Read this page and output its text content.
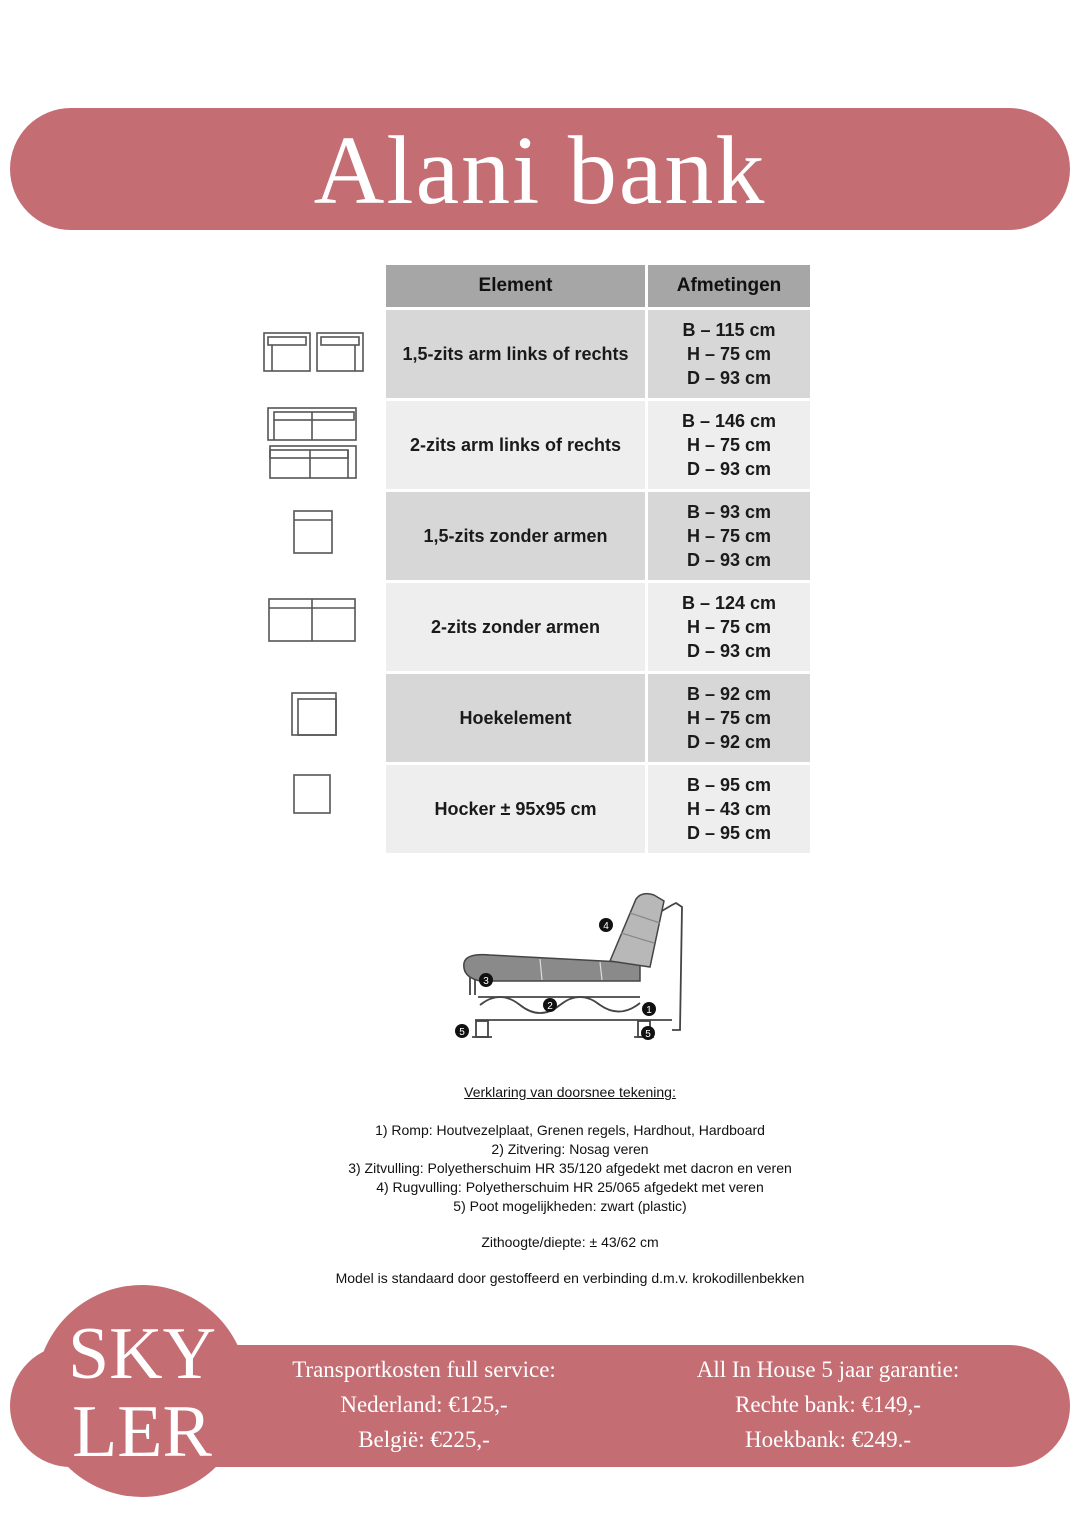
Alani bank
Element	Afmetingen
1,5-zits arm links of rechts	B – 115 cm
H – 75 cm
D – 93 cm

2-zits arm links of rechts	B – 146 cm
H – 75 cm
D – 93 cm

1,5-zits zonder armen	B – 93 cm
H – 75 cm
D – 93 cm

2-zits zonder armen	B – 124 cm
H – 75 cm
D – 93 cm

Hoekelement	B – 92 cm
H – 75 cm
D – 92 cm

Hocker ± 95x95 cm	B – 95 cm
H – 43 cm
D – 95 cm
1
2
3
4
5	5
Verklaring van doorsnee tekening:
1) Romp: Houtvezelplaat, Grenen regels, Hardhout, Hardboard
2) Zitvering: Nosag veren
3) Zitvulling: Polyetherschuim HR 35/120 afgedekt met dacron en veren
4) Rugvulling: Polyetherschuim HR 25/065 afgedekt met veren
5) Poot mogelijkheden: zwart (plastic)
Zithoogte/diepte: ± 43/62 cm
Model is standaard door gestoffeerd en verbinding d.m.v. krokodillenbekken
SKY
LER
Transportkosten full service:
Nederland: €125,-
België: €225,-
All In House 5 jaar garantie:
Rechte bank: €149,-
Hoekbank: €249.-
